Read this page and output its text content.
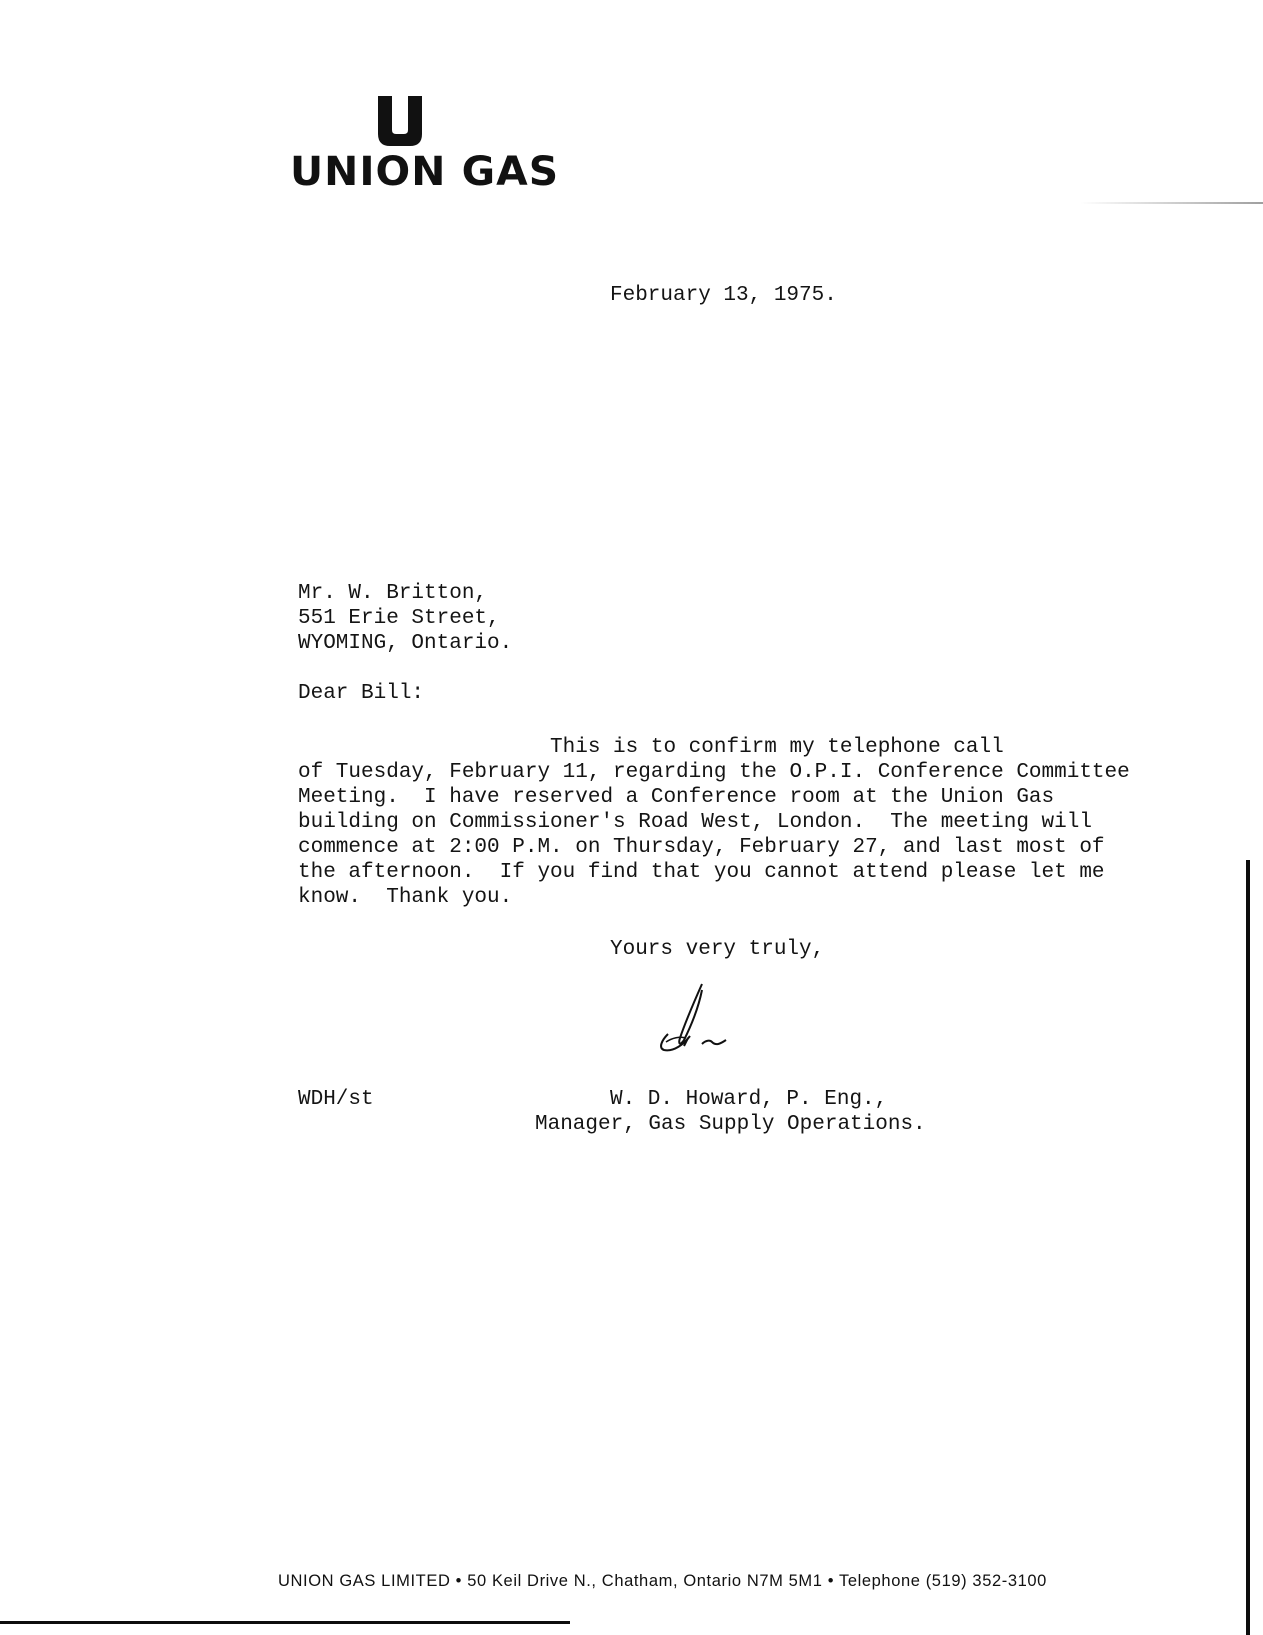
UNION GAS
February 13, 1975.
Mr. W. Britton,
551 Erie Street,
WYOMING, Ontario.
Dear Bill:
This is to confirm my telephone call
of Tuesday, February 11, regarding the O.P.I. Conference Committee
Meeting.  I have reserved a Conference room at the Union Gas
building on Commissioner's Road West, London.  The meeting will
commence at 2:00 P.M. on Thursday, February 27, and last most of
the afternoon.  If you find that you cannot attend please let me
know.  Thank you.
Yours very truly,
WDH/st	W. D. Howard, P. Eng.,
Manager, Gas Supply Operations.
UNION GAS LIMITED • 50 Keil Drive N., Chatham, Ontario N7M 5M1 • Telephone (519) 352-3100
